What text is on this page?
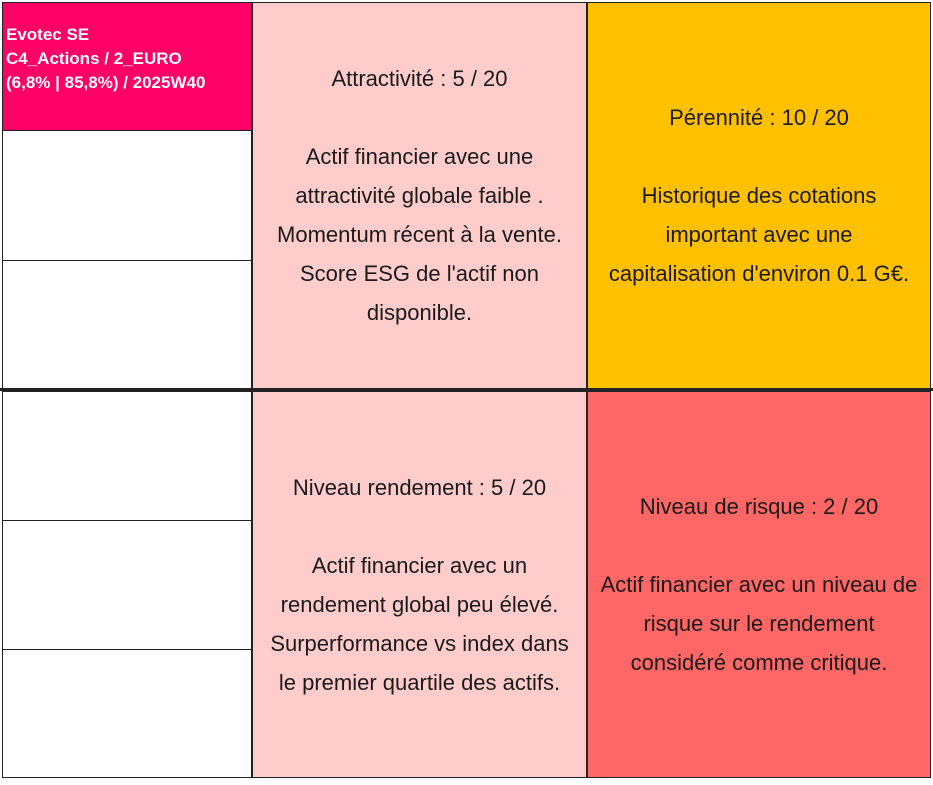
Evotec SE
C4_Actions / 2_EURO
(6,8% | 85,8%) / 2025W40	Attractivité : 5 / 20
Actif financier avec une
attractivité globale faible .
Momentum récent à la vente.
Score ESG de l'actif non
disponible.
Pérennité : 10 / 20
Historique des cotations
important avec une
capitalisation d'environ 0.1 G€.
Niveau rendement : 5 / 20
Actif financier avec un
rendement global peu élevé.
Surperformance vs index dans
le premier quartile des actifs.
Niveau de risque : 2 / 20
Actif financier avec un niveau de
risque sur le rendement
considéré comme critique.
